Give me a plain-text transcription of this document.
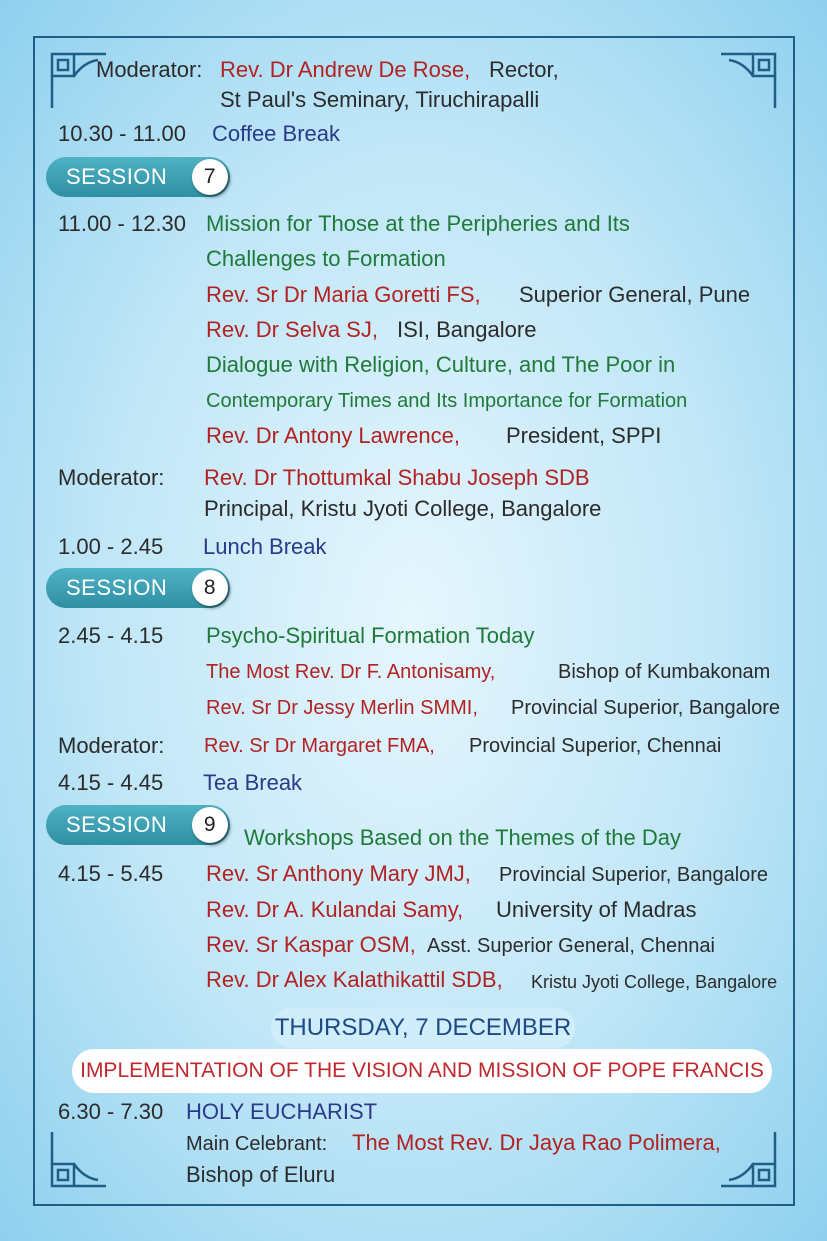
Moderator: Rev. Dr Andrew De Rose, Rector,
St Paul's Seminary, Tiruchirapalli
10.30 - 11.00 Coffee Break
SESSION	7
11.00 - 12.30 Mission for Those at the Peripheries and Its
Challenges to Formation
Rev. Sr Dr Maria Goretti FS, Superior General, Pune
Rev. Dr Selva SJ, ISI, Bangalore
Dialogue with Religion, Culture, and The Poor in
Contemporary Times and Its Importance for Formation
Rev. Dr Antony Lawrence, President, SPPI
Moderator: Rev. Dr Thottumkal Shabu Joseph SDB
Principal, Kristu Jyoti College, Bangalore
1.00 - 2.45 Lunch Break
SESSION	8
2.45 - 4.15 Psycho-Spiritual Formation Today
The Most Rev. Dr F. Antonisamy,	Bishop of Kumbakonam
Rev. Sr Dr Jessy Merlin SMMI, Provincial Superior, Bangalore
Moderator: Rev. Sr Dr Margaret FMA, Provincial Superior, Chennai
4.15 - 4.45 Tea Break
SESSION	9
Workshops Based on the Themes of the Day
4.15 - 5.45 Rev. Sr Anthony Mary JMJ, Provincial Superior, Bangalore
Rev. Dr A. Kulandai Samy, University of Madras
Rev. Sr Kaspar OSM, Asst. Superior General, Chennai
Rev. Dr Alex Kalathikattil SDB, Kristu Jyoti College, Bangalore
THURSDAY, 7 DECEMBER
IMPLEMENTATION OF THE VISION AND MISSION OF POPE FRANCIS
6.30 - 7.30 HOLY EUCHARIST
Main Celebrant: The Most Rev. Dr Jaya Rao Polimera,
Bishop of Eluru
